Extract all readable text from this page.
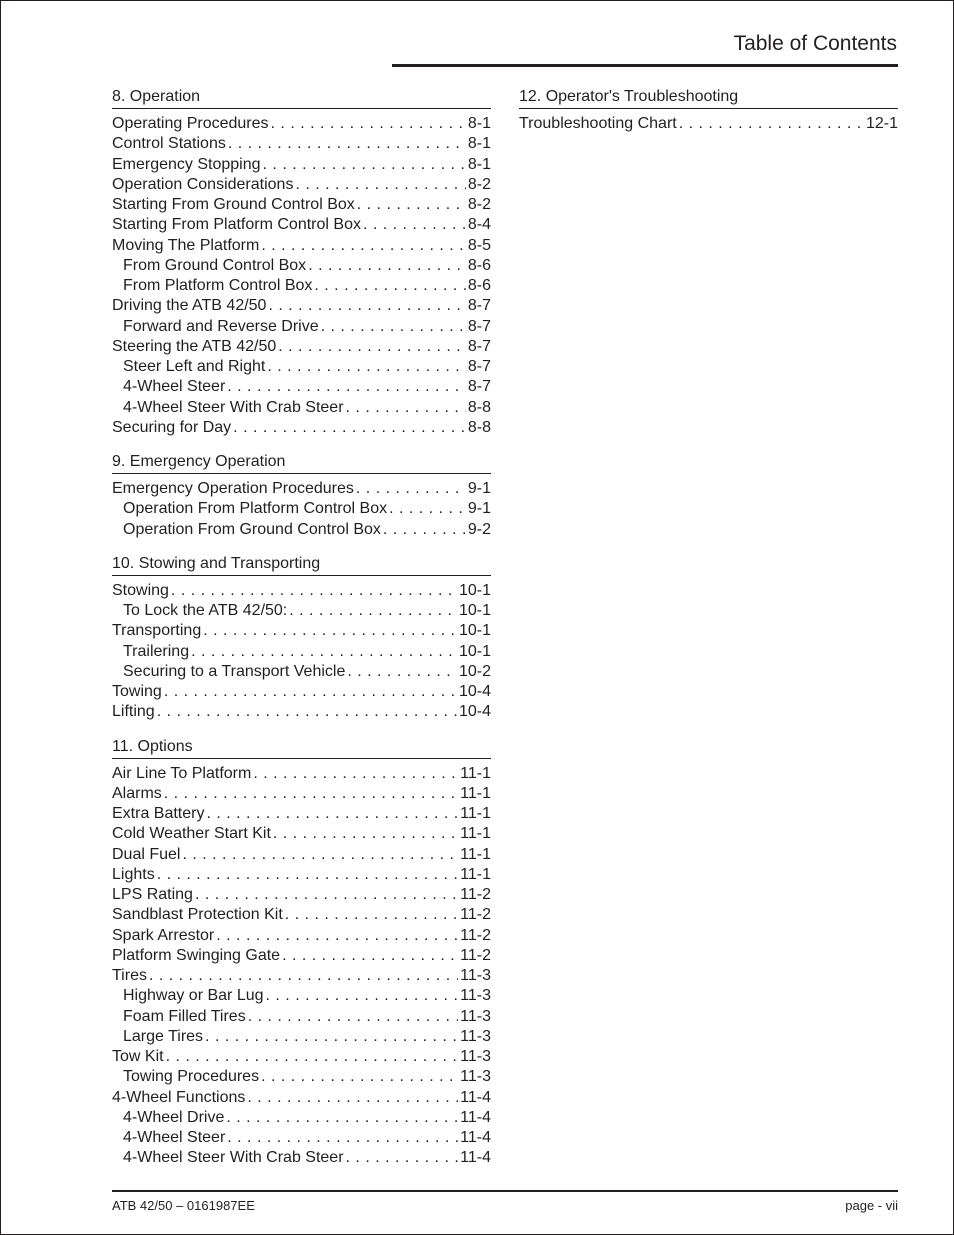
Table of Contents
8. Operation
Operating Procedures . . .	8-1
Control Stations . . .	8-1
Emergency Stopping . . .	8-1
Operation Considerations . . .	8-2
Starting From Ground Control Box . . .	8-2
Starting From Platform Control Box . . .	8-4
Moving The Platform . . .	8-5
From Ground Control Box . . .	8-6
From Platform Control Box . . .	8-6
Driving the ATB 42/50 . . .	8-7
Forward and Reverse Drive . . .	8-7
Steering the ATB 42/50 . . .	8-7
Steer Left and Right . . .	8-7
4-Wheel Steer . . .	8-7
4-Wheel Steer With Crab Steer . . .	8-8
Securing for Day . . .	8-8
9. Emergency Operation
Emergency Operation Procedures . . .	9-1
Operation From Platform Control Box . . .	9-1
Operation From Ground Control Box . . .	9-2
10. Stowing and Transporting
Stowing . . .	10-1
To Lock the ATB 42/50: . . .	10-1
Transporting . . .	10-1
Trailering . . .	10-1
Securing to a Transport Vehicle . . .	10-2
Towing . . .	10-4
Lifting . . .	10-4
11. Options
Air Line To Platform . . .	11-1
Alarms . . .	11-1
Extra Battery . . .	11-1
Cold Weather Start Kit . . .	11-1
Dual Fuel . . .	11-1
Lights . . .	11-1
LPS Rating . . .	11-2
Sandblast Protection Kit . . .	11-2
Spark Arrestor . . .	11-2
Platform Swinging Gate . . .	11-2
Tires . . .	11-3
Highway or Bar Lug . . .	11-3
Foam Filled Tires . . .	11-3
Large Tires . . .	11-3
Tow Kit . . .	11-3
Towing Procedures . . .	11-3
4-Wheel Functions . . .	11-4
4-Wheel Drive . . .	11-4
4-Wheel Steer . . .	11-4
4-Wheel Steer With Crab Steer . . .	11-4
12. Operator's Troubleshooting
Troubleshooting Chart . . .	12-1
ATB 42/50 – 0161987EE	page - vii
